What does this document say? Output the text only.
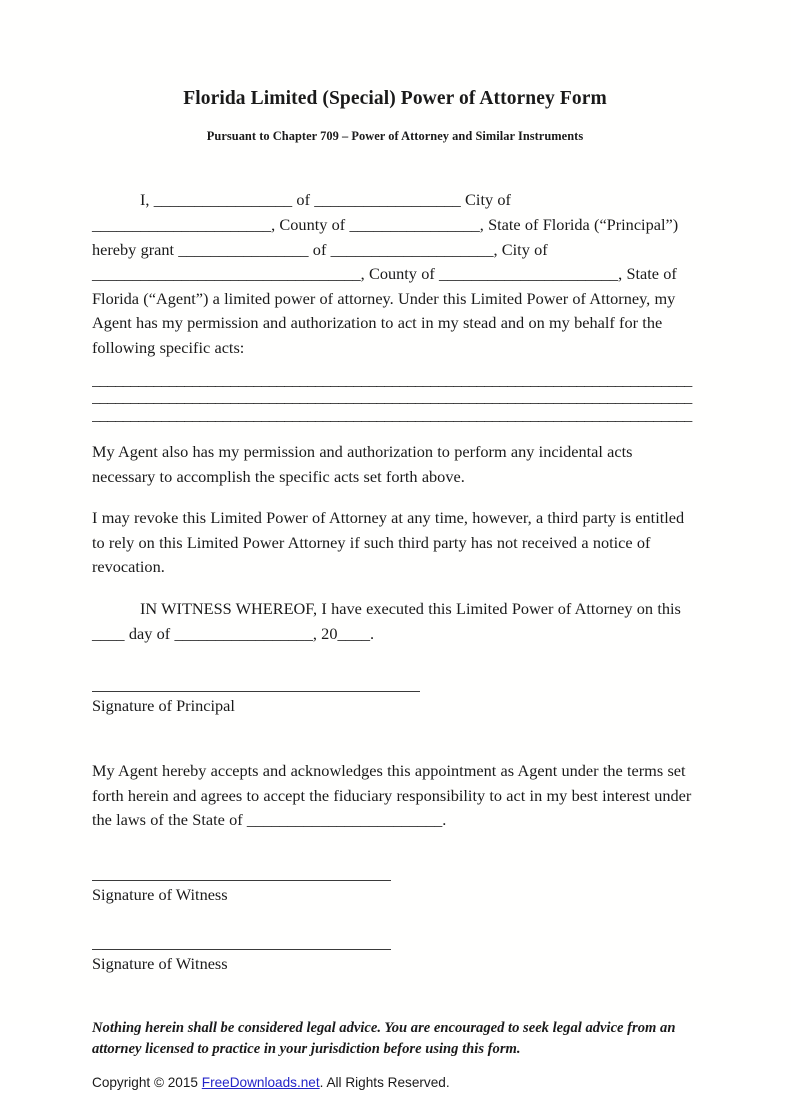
Florida Limited (Special) Power of Attorney Form

Pursuant to Chapter 709 – Power of Attorney and Similar Instruments

I, _________________ of __________________ City of ______________________, County of ________________, State of Florida (“Principal”) hereby grant ________________ of ____________________, City of _________________________________, County of ______________________, State of Florida (“Agent”) a limited power of attorney. Under this Limited Power of Attorney, my Agent has my permission and authorization to act in my stead and on my behalf for the following specific acts:

______________________________________________________________________________
______________________________________________________________________________
______________________________________________________________________________

My Agent also has my permission and authorization to perform any incidental acts necessary to accomplish the specific acts set forth above.

I may revoke this Limited Power of Attorney at any time, however, a third party is entitled to rely on this Limited Power Attorney if such third party has not received a notice of revocation.

IN WITNESS WHEREOF, I have executed this Limited Power of Attorney on this ____ day of _________________, 20____.

Signature of Principal

My Agent hereby accepts and acknowledges this appointment as Agent under the terms set forth herein and agrees to accept the fiduciary responsibility to act in my best interest under the laws of the State of ________________________.

Signature of Witness
Signature of Witness

Nothing herein shall be considered legal advice. You are encouraged to seek legal advice from an attorney licensed to practice in your jurisdiction before using this form.

Copyright © 2015 FreeDownloads.net. All Rights Reserved.
